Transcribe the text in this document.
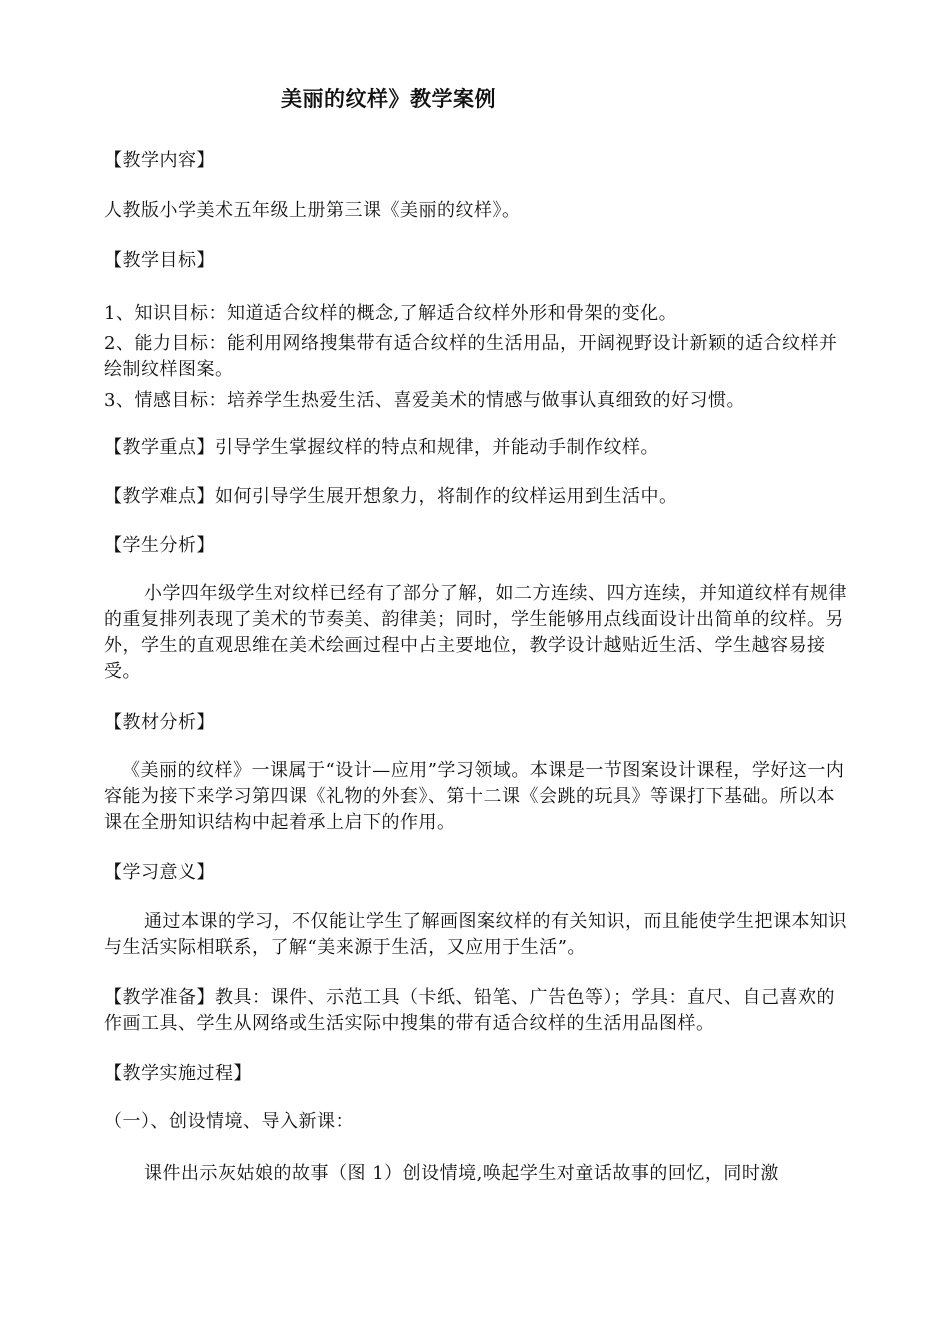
美丽的纹样》教学案例
【教学内容】
人教版小学美术五年级上册第三课《美丽的纹样》。
【教学目标】
1、知识目标：知道适合纹样的概念,了解适合纹样外形和骨架的变化。
2、能力目标：能利用网络搜集带有适合纹样的生活用品，开阔视野设计新颖的适合纹样并绘制纹样图案。
3、情感目标：培养学生热爱生活、喜爱美术的情感与做事认真细致的好习惯。
【教学重点】引导学生掌握纹样的特点和规律，并能动手制作纹样。
【教学难点】如何引导学生展开想象力，将制作的纹样运用到生活中。
【学生分析】
小学四年级学生对纹样已经有了部分了解，如二方连续、四方连续，并知道纹样有规律的重复排列表现了美术的节奏美、韵律美；同时，学生能够用点线面设计出简单的纹样。另外，学生的直观思维在美术绘画过程中占主要地位，教学设计越贴近生活、学生越容易接受。
【教材分析】
《美丽的纹样》一课属于“设计—应用”学习领域。本课是一节图案设计课程，学好这一内容能为接下来学习第四课《礼物的外套》、第十二课《会跳的玩具》等课打下基础。所以本课在全册知识结构中起着承上启下的作用。
【学习意义】
通过本课的学习，不仅能让学生了解画图案纹样的有关知识，而且能使学生把课本知识与生活实际相联系，了解“美来源于生活，又应用于生活”。
【教学准备】教具：课件、示范工具（卡纸、铅笔、广告色等）；学具：直尺、自己喜欢的作画工具、学生从网络或生活实际中搜集的带有适合纹样的生活用品图样。
【教学实施过程】
（一）、创设情境、导入新课：
课件出示灰姑娘的故事（图 1）创设情境,唤起学生对童话故事的回忆，同时激
